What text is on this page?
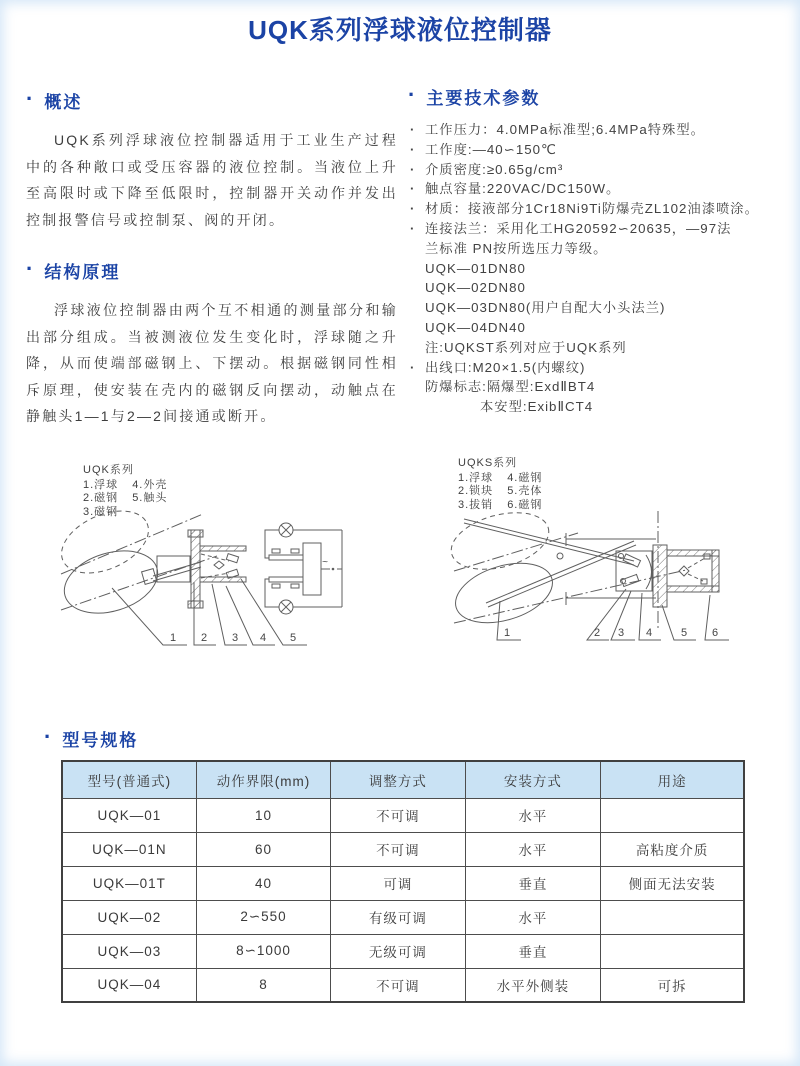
UQK系列浮球液位控制器
·
概述

UQK系列浮球液位控制器适用于工业生产过程中的各种敞口或受压容器的液位控制。当液位上升至高限时或下降至低限时，控制器开关动作并发出控制报警信号或控制泵、阀的开闭。

·
结构原理

浮球液位控制器由两个互不相通的测量部分和输出部分组成。当被测液位发生变化时，浮球随之升降，从而使端部磁钢上、下摆动。根据磁钢同性相斥原理，使安装在壳内的磁钢反向摆动，动触点在静触头1—1与2—2间接通或断开。

·
主要技术参数
· 工作压力：4.0MPa标准型;6.4MPa特殊型。
· 工作度:—40∽150℃
· 介质密度:≥0.65g/cm³
· 触点容量:220VAC/DC150W。
· 材质：接液部分1Cr18Ni9Ti防爆壳ZL102油漆喷涂。
· 连接法兰：采用化工HG20592∽20635，—97法
兰标准 PN按所选压力等级。
UQK—01DN80
UQK—02DN80
UQK—03DN80(用户自配大小头法兰)
UQK—04DN40
注:UQKST系列对应于UQK系列
· 出线口:M20×1.5(内螺纹)
防爆标志:隔爆型:ExdⅡBT4
本安型:ExibⅡCT4
1 2 3 4 5
~
UQK系列
1.浮球
2.磁钢
3.磁钢
4.外壳
5.触头
1	2 3 4	5 6
UQKS系列
1.浮球
2.锁块
3.拔销
4.磁钢
5.壳体
6.磁钢
·
型号规格
型号(普通式)	动作界限(mm)	调整方式	安装方式	用途
UQK—01	10	不可调	水平	
UQK—01N	60	不可调	水平	高粘度介质
UQK—01T	40	可调	垂直	侧面无法安装
UQK—02	2∽550	有级可调	水平	
UQK—03	8∽1000	无级可调	垂直	
UQK—04	8	不可调	水平外侧装	可拆
